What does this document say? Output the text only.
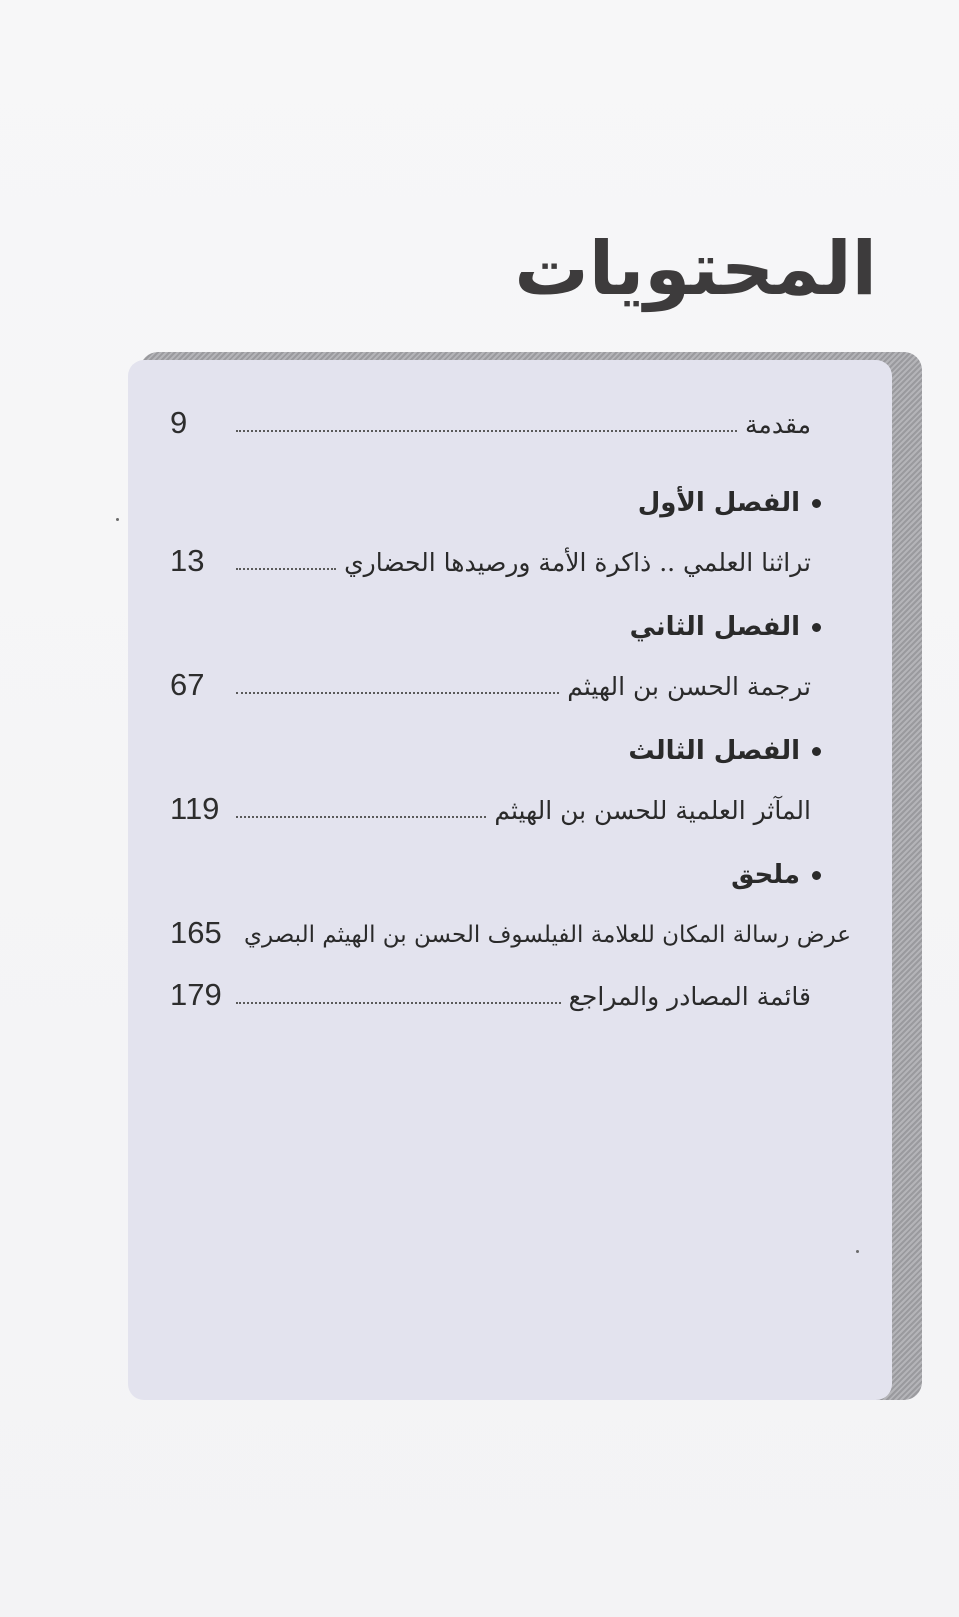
المحتويات
9	مقدمة
الفصل الأول
13	تراثنا العلمي .. ذاكرة الأمة ورصيدها الحضاري
الفصل الثاني
67	ترجمة الحسن بن الهيثم
الفصل الثالث
119	المآثر العلمية للحسن بن الهيثم
ملحق
165 عرض رسالة المكان للعلامة الفيلسوف الحسن بن الهيثم البصري
179	قائمة المصادر والمراجع
